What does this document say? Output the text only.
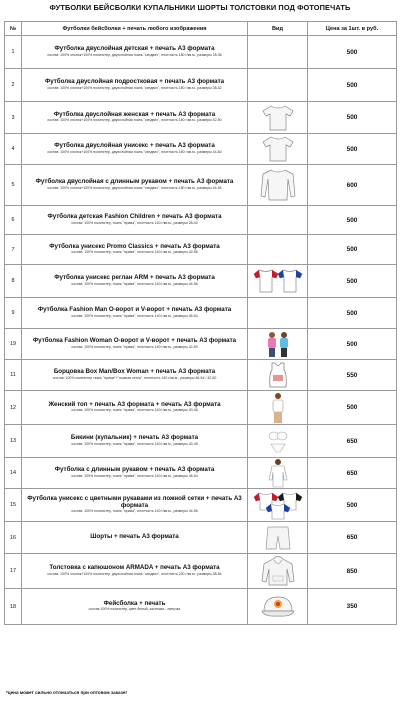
ФУТБОЛКИ БЕЙСБОЛКИ КУПАЛЬНИКИ ШОРТЫ ТОЛСТОВКИ ПОД ФОТОПЕЧАТЬ
№	Футболки бейсболки + печать любого изображения	Вид	Цена за 1шт. в руб.
1	Футболка двуслойная детская + печать А3 формата
состав: 100% хлопок+100% полиэстер, двухслойная ткань "сэндвич", плотность 180 г/кв.м., размеры 28-36		500
2	Футболка двуслойная подростковая + печать А3 формата
состав: 100% хлопок+100% полиэстер, двухслойная ткань "сэндвич", плотность 180 г/кв.м., размеры 38-42		500
3	Футболка двуслойная женская + печать А3 формата
состав: 100% хлопок+100% полиэстер, двухслойная ткань "сэндвич", плотность 180 г/кв.м., размеры 42-50		500
4	Футболка двуслойная унисекс + печать А3 формата
состав: 100% хлопок+100% полиэстер, двухслойная ткань "сэндвич", плотность 180 г/кв.м., размеры 44-60		500
5	Футболка двуслойная с длинным рукавом + печать А3 формата
состав: 100% хлопок+100% полиэстер, двухслойная ткань "сэндвич", плотность 180 г/кв.м., размеры 44-54		600
6	Футболка детская Fashion Children + печать А3 формата
состав: 100% полиэстер, ткань "прима", плотность 140 г/кв.м., размеры 28-40		500
7	Футболка унисекс Promo Classics + печать А3 формата
состав: 100% полиэстер, ткань "прима", плотность 140 г/кв.м., размеры 42-58		500
8	Футболка унисекс реглан ARM + печать А3 формата
состав: 100% полиэстер, ткань "прима", плотность 140 г/кв.м., размеры 44-56		500
9	Футболка Fashion Man О-ворот и V-ворот + печать А3 формата
состав: 100% полиэстер, ткань "прима", плотность 140 г/кв.м., размеры 46-54		500
19	Футболка Fashion Woman О-ворот и V-ворот + печать А3 формата
состав: 100% полиэстер, ткань "прима", плотность 140 г/кв.м., размеры 42-50		500
11	Борцовка Box Man/Box Woman + печать А3 формата
состав: 100% полиэстер ткань "прима"+"ложная сетка", плотность 140 г/кв.м., размеры 46-54 / 42-50		550
12	Женский топ + печать А3 формата + печать А3 формата
состав: 100% полиэстер, ткань "прима", плотность 140 г/кв.м., размеры 40-46		500
13	Бикини (купальник) + печать А3 формата
состав: 100% полиэстер, ткань "прима", плотность 140 г/кв.м., размеры 40-48		650
14	Футболка с длинным рукавом + печать А3 формата
состав: 100% полиэстер, ткань "прима", плотность 140 г/кв.м., размеры 46-54		650
15	Футболка унисекс с цветными рукавами из ложной сетки + печать А3 формата
состав: 100% полиэстер, ткань "прима", плотность 140 г/кв.м., размеры 44-56		500
16	Шорты + печать А3 формата		650
17	Толстовка с капюшоном ARMADA + печать А3 формата
состав: 100% хлопок+100% полиэстер, двухслойная ткань "сэндвич", плотность 220 г/кв.м., размеры 38-54		850
18	Фейсболка + печать
состав 100% полиэстер, цвет белый, застежка - липучка		350
*цена может сильно отличаться при оптовом заказе!
